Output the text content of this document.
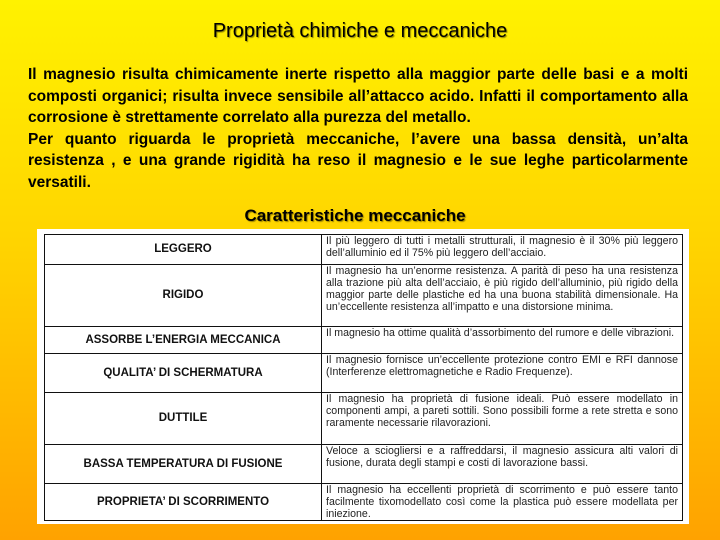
Proprietà chimiche e meccaniche

Il magnesio risulta chimicamente inerte rispetto alla maggior parte delle basi e a molti composti organici; risulta invece sensibile all’attacco acido. Infatti il comportamento alla corrosione è strettamente correlato alla purezza del metallo.

Per quanto riguarda le proprietà meccaniche, l’avere una bassa densità, un’alta resistenza , e una grande rigidità ha reso il magnesio e le sue leghe particolarmente versatili.

Caratteristiche meccaniche
LEGGERO	Il più leggero di tutti i metalli strutturali, il magnesio è il 30% più leggero dell’alluminio ed il 75% più leggero dell’acciaio.
RIGIDO	Il magnesio ha un’enorme resistenza. A parità di peso ha una resistenza alla trazione più alta dell’acciaio, è più rigido dell’alluminio, più rigido della maggior parte delle plastiche ed ha una buona stabilità dimensionale. Ha un’eccellente resistenza all’impatto e una distorsione minima.
ASSORBE L’ENERGIA MECCANICA	Il magnesio ha ottime qualità d’assorbimento del rumore e delle vibrazioni.
QUALITA’ DI SCHERMATURA	Il magnesio fornisce un’eccellente protezione contro EMI e RFI dannose (Interferenze elettromagnetiche e Radio Frequenze).
DUTTILE	Il magnesio ha proprietà di fusione ideali. Può essere modellato in componenti ampi, a pareti sottili. Sono possibili forme a rete stretta e sono raramente necessarie rilavorazioni.
BASSA TEMPERATURA DI FUSIONE	Veloce a sciogliersi e a raffreddarsi, il magnesio assicura alti valori di fusione, durata degli stampi e costi di lavorazione bassi.
PROPRIETA’ DI SCORRIMENTO	Il magnesio ha eccellenti proprietà di scorrimento e può essere tanto facilmente tixomodellato così come la plastica può essere modellata per iniezione.
